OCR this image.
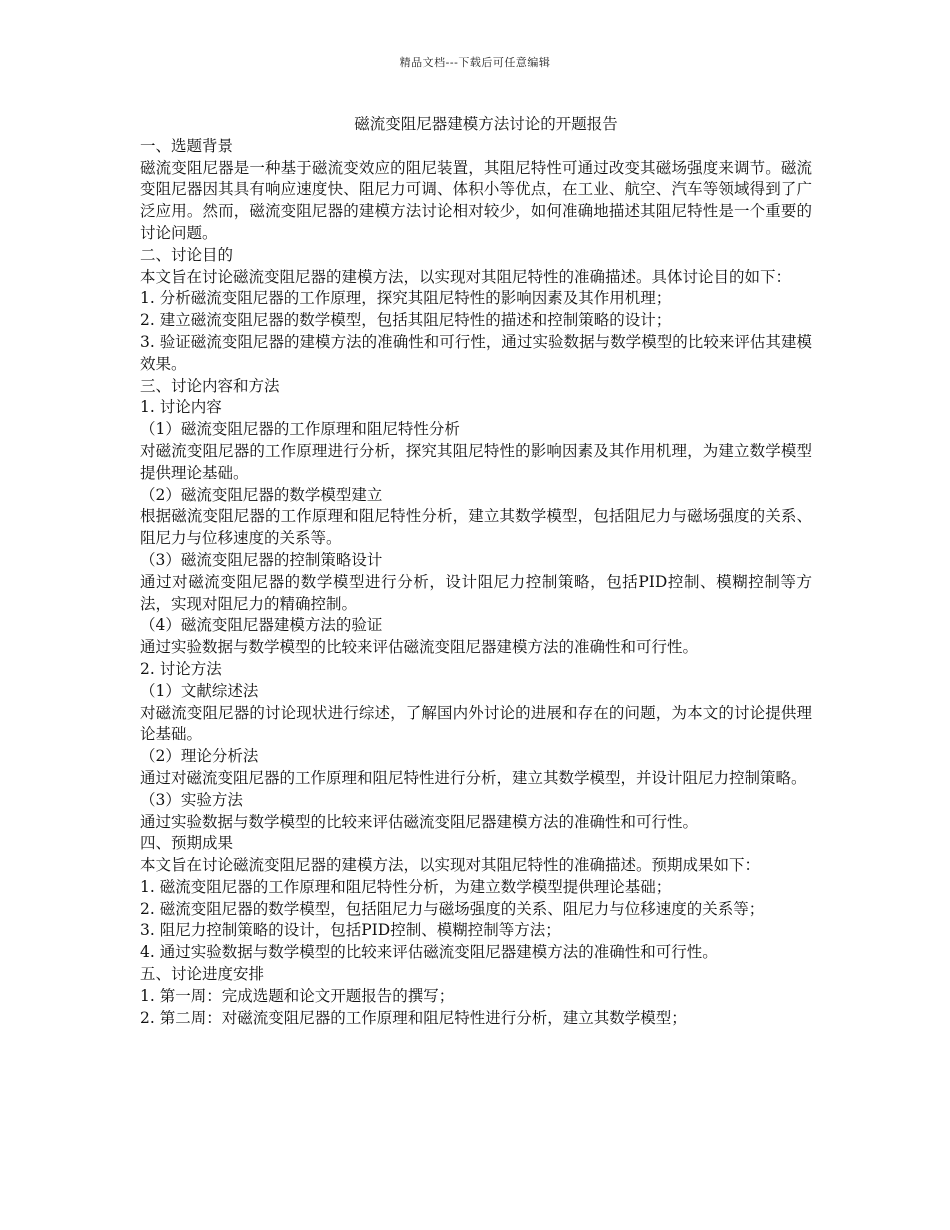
精品文档---下载后可任意编辑
磁流变阻尼器建模方法讨论的开题报告

一、选题背景

磁流变阻尼器是一种基于磁流变效应的阻尼装置，其阻尼特性可通过改变其磁场强度来调节。磁流变阻尼器因其具有响应速度快、阻尼力可调、体积小等优点，在工业、航空、汽车等领域得到了广泛应用。然而，磁流变阻尼器的建模方法讨论相对较少，如何准确地描述其阻尼特性是一个重要的讨论问题。

二、讨论目的

本文旨在讨论磁流变阻尼器的建模方法，以实现对其阻尼特性的准确描述。具体讨论目的如下：

1. 分析磁流变阻尼器的工作原理，探究其阻尼特性的影响因素及其作用机理；

2. 建立磁流变阻尼器的数学模型，包括其阻尼特性的描述和控制策略的设计；

3. 验证磁流变阻尼器的建模方法的准确性和可行性，通过实验数据与数学模型的比较来评估其建模效果。

三、讨论内容和方法

1. 讨论内容

（1）磁流变阻尼器的工作原理和阻尼特性分析

对磁流变阻尼器的工作原理进行分析，探究其阻尼特性的影响因素及其作用机理，为建立数学模型提供理论基础。

（2）磁流变阻尼器的数学模型建立

根据磁流变阻尼器的工作原理和阻尼特性分析，建立其数学模型，包括阻尼力与磁场强度的关系、阻尼力与位移速度的关系等。

（3）磁流变阻尼器的控制策略设计

通过对磁流变阻尼器的数学模型进行分析，设计阻尼力控制策略，包括PID控制、模糊控制等方法，实现对阻尼力的精确控制。

（4）磁流变阻尼器建模方法的验证

通过实验数据与数学模型的比较来评估磁流变阻尼器建模方法的准确性和可行性。

2. 讨论方法

（1）文献综述法

对磁流变阻尼器的讨论现状进行综述，了解国内外讨论的进展和存在的问题，为本文的讨论提供理论基础。

（2）理论分析法

通过对磁流变阻尼器的工作原理和阻尼特性进行分析，建立其数学模型，并设计阻尼力控制策略。

（3）实验方法

通过实验数据与数学模型的比较来评估磁流变阻尼器建模方法的准确性和可行性。

四、预期成果

本文旨在讨论磁流变阻尼器的建模方法，以实现对其阻尼特性的准确描述。预期成果如下：

1. 磁流变阻尼器的工作原理和阻尼特性分析，为建立数学模型提供理论基础；

2. 磁流变阻尼器的数学模型，包括阻尼力与磁场强度的关系、阻尼力与位移速度的关系等；

3. 阻尼力控制策略的设计，包括PID控制、模糊控制等方法；

4. 通过实验数据与数学模型的比较来评估磁流变阻尼器建模方法的准确性和可行性。

五、讨论进度安排

1. 第一周：完成选题和论文开题报告的撰写；

2. 第二周：对磁流变阻尼器的工作原理和阻尼特性进行分析，建立其数学模型；
